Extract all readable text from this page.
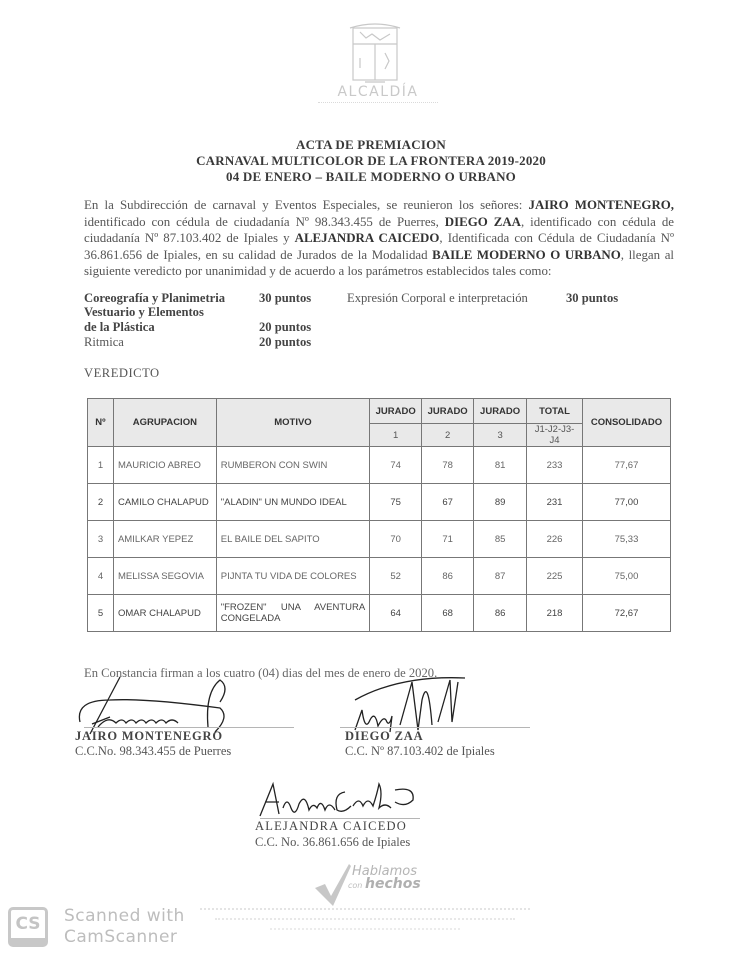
ALCALDÍA
ACTA DE PREMIACION
CARNAVAL MULTICOLOR DE LA FRONTERA 2019-2020
04 DE ENERO – BAILE MODERNO O URBANO
En la Subdirección de carnaval y Eventos Especiales, se reunieron los señores: JAIRO MONTENEGRO, identificado con cédula de ciudadanía Nº 98.343.455 de Puerres, DIEGO ZAA, identificado con cédula de ciudadanía Nº 87.103.402 de Ipiales y ALEJANDRA CAICEDO, Identificada con Cédula de Ciudadanía Nº 36.861.656 de Ipiales, en su calidad de Jurados de la Modalidad BAILE MODERNO O URBANO, llegan al siguiente veredicto por unanimidad y de acuerdo a los parámetros establecidos tales como:
Coreografía y Planimetria	30 puntos	Expresión Corporal e interpretación	30 puntos
Vestuario y Elementos
de la Plástica	20 puntos
Ritmica	20 puntos
VEREDICTO
Nº	AGRUPACION	MOTIVO	JURADO	JURADO	JURADO	TOTAL	CONSOLIDADO
			1	2	3	J1-J2-J3-J4	
1	MAURICIO ABREO	RUMBERON CON SWIN	74	78	81	233	77,67
2	CAMILO CHALAPUD	"ALADIN" UN MUNDO IDEAL	75	67	89	231	77,00
3	AMILKAR YEPEZ	EL BAILE DEL SAPITO	70	71	85	226	75,33
4	MELISSA SEGOVIA	PIJNTA TU VIDA DE COLORES	52	86	87	225	75,00
5	OMAR CHALAPUD	"FROZEN" UNA AVENTURA CONGELADA	64	68	86	218	72,67
En Constancia firman a los cuatro (04) dias del mes de enero de 2020.
JAIRO MONTENEGRO
C.C.No. 98.343.455 de Puerres
DIEGO ZAA
C.C. Nº 87.103.402 de Ipiales
ALEJANDRA CAICEDO
C.C. No. 36.861.656 de Ipiales
Hablamos
con hechos
CS Scanned with
CamScanner
